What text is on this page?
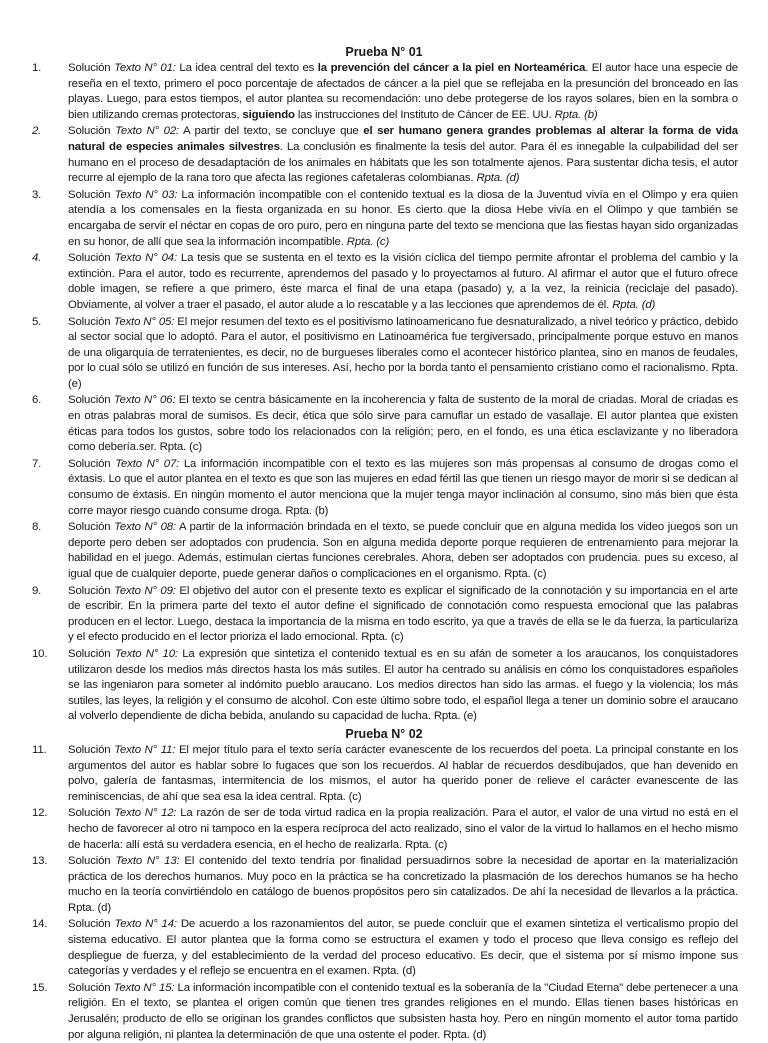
Prueba N° 01
1.	Solución Texto N° 01: La idea central del texto es la prevención del cáncer a la piel en Norteamérica. El autor hace una especie de reseña en el texto, primero el poco porcentaje de afectados de cáncer a la piel que se reflejaba en la presunción del bronceado en las playas. Luego, para estos tiempos, el autor plantea su recomendación: uno debe protegerse de los rayos solares, bien en la sombra o bien utilizando cremas protectoras, siguiendo las instrucciones del Instituto de Cáncer de EE. UU. Rpta. (b)
2.	Solución Texto N° 02: A partir del texto, se concluye que el ser humano genera grandes problemas al alterar la forma de vida natural de especies animales silvestres. La conclusión es finalmente la tesis del autor. Para él es innegable la culpabilidad del ser humano en el proceso de desadaptación de los animales en hábitats que les son totalmente ajenos. Para sustentar dicha tesis, el autor recurre al ejemplo de la rana toro que afecta las regiones cafetaleras colombianas. Rpta. (d)
3.	Solución Texto N° 03: La información incompatible con el contenido textual es la diosa de la Juventud vivía en el Olimpo y era quien atendía a los comensales en la fiesta organizada en su honor. Es cierto que la diosa Hebe vivía en el Olimpo y que también se encargaba de servir el néctar en copas de oro puro, pero en ninguna parte del texto se menciona que las fiestas hayan sido organizadas en su honor, de allí que sea la información incompatible. Rpta. (c)
4.	Solución Texto N° 04: La tesis que se sustenta en el texto es la visión cíclica del tiempo permite afrontar el problema del cambio y la extinción. Para el autor, todo es recurrente, aprendemos del pasado y lo proyectamos al futuro. Al afirmar el autor que el futuro ofrece doble imagen, se refiere a que primero, éste marca el final de una etapa (pasado) y, a la vez, la reinicia (reciclaje del pasado). Obviamente, al volver a traer el pasado, el autor alude a lo rescatable y a las lecciones que aprendemos de él. Rpta. (d)
5.	Solución Texto N° 05: El mejor resumen del texto es el positivismo latinoamericano fue desnaturalizado, a nivel teórico y práctico, debido al sector social que lo adoptó. Para el autor, el positivismo en Latinoamérica fue tergiversado, principalmente porque estuvo en manos de una oligarquía de terratenientes, es decir, no de burgueses liberales como el acontecer histórico plantea, sino en manos de feudales, por lo cual sólo se utilizó en función de sus intereses. Así, hecho por la borda tanto el pensamiento cristiano como el racionalismo. Rpta. (e)
6.	Solución Texto N° 06: El texto se centra básicamente en la incoherencia y falta de sustento de la moral de criadas. Moral de criadas es en otras palabras moral de sumisos. Es decir, ética que sólo sirve para camuflar un estado de vasallaje. El autor plantea que existen éticas para todos los gustos, sobre todo los relacionados con la religión; pero, en el fondo, es una ética esclavizante y no liberadora como debería.ser. Rpta. (c)
7.	Solución Texto N° 07: La información incompatible con el texto es las mujeres son más propensas al consumo de drogas como el éxtasis. Lo que el autor plantea en el texto es que son las mujeres en edad fértil las que tienen un riesgo mayor de morir si se dedican al consumo de éxtasis. En ningún momento el autor menciona que la mujer tenga mayor inclinación al consumo, sino más bien que ésta corre mayor riesgo cuando consume droga. Rpta. (b)
8.	Solución Texto N° 08: A partir de la información brindada en el texto, se puede concluir que en alguna medida los video juegos son un deporte pero deben ser adoptados con prudencia. Son en alguna medida deporte porque requieren de entrenamiento para mejorar la habilidad en el juego. Además, estimulan ciertas funciones cerebrales. Ahora, deben ser adoptados con prudencia. pues su exceso, al igual que de cualquier deporte, puede generar daños o complicaciones en el organismo. Rpta. (c)
9.	Solución Texto N° 09: El objetivo del autor con el presente texto es explicar el significado de la connotación y su importancia en el arte de escribir. En la primera parte del texto el autor define el significado de connotación como respuesta emocional que las palabras producen en el lector. Luego, destaca la importancia de la misma en todo escrito, ya que a través de ella se le da fuerza, la particulariza y el efecto producido en el lector prioriza el lado emocional. Rpta. (c)
10.	Solución Texto N° 10: La expresión que sintetiza el contenido textual es en su afán de someter a los araucanos, los conquistadores utilizaron desde los medios más directos hasta los más sutiles. El autor ha centrado su análisis en cómo los conquistadores españoles se las ingeniaron para someter al indómito pueblo araucano. Los medios directos han sido las armas. el fuego y la violencia; los más sutiles, las leyes, la religión y el consumo de alcohol. Con este último sobre todo, el español llega a tener un dominio sobre el araucano al volverlo dependiente de dicha bebida, anulando su capacidad de lucha. Rpta. (e)
Prueba N° 02
11.	Solución Texto N° 11: El mejor título para el texto sería carácter evanescente de los recuerdos del poeta. La principal constante en los argumentos del autor es hablar sobre lo fugaces que son los recuerdos. Al hablar de recuerdos desdibujados, que han devenido en polvo, galería de fantasmas, intermitencia de los mismos, el autor ha querido poner de relieve el carácter evanescente de las reminiscencias, de ahí que sea esa la idea central. Rpta. (c)
12.	Solución Texto N° 12: La razón de ser de toda virtud radica en la propia realización. Para el autor, el valor de una virtud no está en el hecho de favorecer al otro ni tampoco en la espera recíproca del acto realizado, sino el valor de la virtud lo hallamos en el hecho mismo de hacerla: allí está su verdadera esencia, en el hecho de realizarla. Rpta. (c)
13.	Solución Texto N° 13: El contenido del texto tendría por finalidad persuadirnos sobre la necesidad de aportar en la materialización práctica de los derechos humanos. Muy poco en la práctica se ha concretizado la plasmación de los derechos humanos se ha hecho mucho en la teoría convirtiéndolo en catálogo de buenos propósitos pero sin catalizados. De ahí la necesidad de llevarlos a la práctica. Rpta. (d)
14.	Solución Texto N° 14: De acuerdo a los razonamientos del autor, se puede concluir que el examen sintetiza el verticalismo propio del sistema educativo. El autor plantea que la forma como se estructura el examen y todo el proceso que lleva consigo es reflejo del despliegue de fuerza, y del establecimiento de la verdad del proceso educativo. Es decir, que el sistema por sí mismo impone sus categorías y verdades y el reflejo se encuentra en el examen. Rpta. (d)
15.	Solución Texto N° 15: La información incompatible con el contenido textual es la soberanía de la "Ciudad Eterna" debe pertenecer a una religión. En el texto, se plantea el origen común que tienen tres grandes religiones en el mundo. Ellas tienen bases históricas en Jerusalén; producto de ello se originan los grandes conflictos que subsisten hasta hoy. Pero en ningún momento el autor toma partido por alguna religión, ni plantea la determinación de que una ostente el poder. Rpta. (d)
